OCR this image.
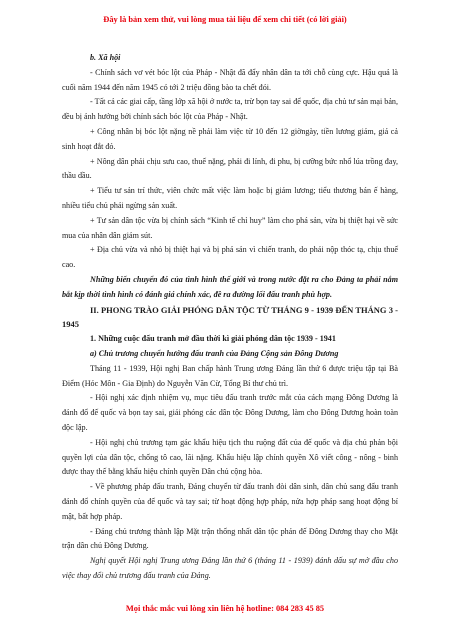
Đây là bản xem thử, vui lòng mua tài liệu để xem chi tiết (có lời giải)

b. Xã hội

- Chính sách vơ vét bóc lột của Pháp - Nhật đã đẩy nhân dân ta tới chỗ cùng cực. Hậu quả là cuối năm 1944 đến năm 1945 có tới 2 triệu đồng bào ta chết đói.

- Tất cả các giai cấp, tầng lớp xã hội ở nước ta, trừ bọn tay sai để quốc, địa chủ tư sản mại bản, đều bị ảnh hưởng bởi chính sách bóc lột của Pháp - Nhật.

+ Công nhân bị bóc lột nặng nề phải làm việc từ 10 đến 12 giờngày, tiền lương giảm, giá cả sinh hoạt đắt đỏ.

+ Nông dân phải chịu sưu cao, thuế nặng, phải đi lính, đi phu, bị cưỡng bức nhổ lúa trồng đay, thầu dầu.

+ Tiểu tư sản trí thức, viên chức mất việc làm hoặc bị giảm lương; tiểu thương bán ế hàng, nhiều tiểu chủ phải ngừng sản xuất.

+ Tư sản dân tộc vừa bị chính sách “Kinh tế chỉ huy” làm cho phá sản, vừa bị thiệt hại về sức mua của nhân dân giảm sút.

+ Địa chủ vừa và nhỏ bị thiệt hại và bị phá sản vì chiến tranh, do phải nộp thóc tạ, chịu thuế cao.

Những biến chuyển đó của tình hình thế giới và trong nước đặt ra cho Đảng ta phải nắm bắt kịp thời tình hình có đánh giá chính xác, đề ra đường lối đấu tranh phù hợp.

II. PHONG TRÀO GIẢI PHÓNG DÂN TỘC TỪ THÁNG 9 - 1939 ĐẾN THÁNG 3 - 1945

1. Những cuộc đấu tranh mở đầu thời kì giải phóng dân tộc 1939 - 1941

a) Chủ trương chuyển hướng đấu tranh của Đảng Cộng sản Đông Dương

Tháng 11 - 1939, Hội nghị Ban chấp hành Trung ương Đảng lần thứ 6 được triệu tập tại Bà Điểm (Hóc Môn - Gia Định) do Nguyễn Văn Cừ, Tổng Bí thư chủ trì.

- Hội nghị xác định nhiệm vụ, mục tiêu đấu tranh trước mắt của cách mạng Đông Dương là đánh đổ đế quốc và bọn tay sai, giải phóng các dân tộc Đông Dương, làm cho Đông Dương hoàn toàn độc lập.

- Hội nghị chủ trương tạm gác khẩu hiệu tịch thu ruộng đất của đế quốc và địa chủ phản bội quyền lợi của dân tộc, chống tô cao, lãi nặng. Khẩu hiệu lập chính quyền Xô viết công - nông - binh được thay thế bằng khẩu hiệu chính quyền Dân chủ cộng hòa.

- Về phương pháp đấu tranh, Đảng chuyển từ đấu tranh đòi dân sinh, dân chủ sang đấu tranh đánh đổ chính quyền của đế quốc và tay sai; từ hoạt động hợp pháp, nửa hợp pháp sang hoạt động bí mật, bất hợp pháp.

- Đảng chủ trương thành lập Mặt trận thống nhất dân tộc phản đế Đông Dương thay cho Mặt trận dân chủ Đông Dương.

Nghị quyết Hội nghị Trung ương Đảng lần thứ 6 (tháng 11 - 1939) đánh dấu sự mở đầu cho việc thay đổi chủ trương đấu tranh của Đảng.

Mọi thắc mắc vui lòng xin liên hệ hotline: 084 283 45 85
